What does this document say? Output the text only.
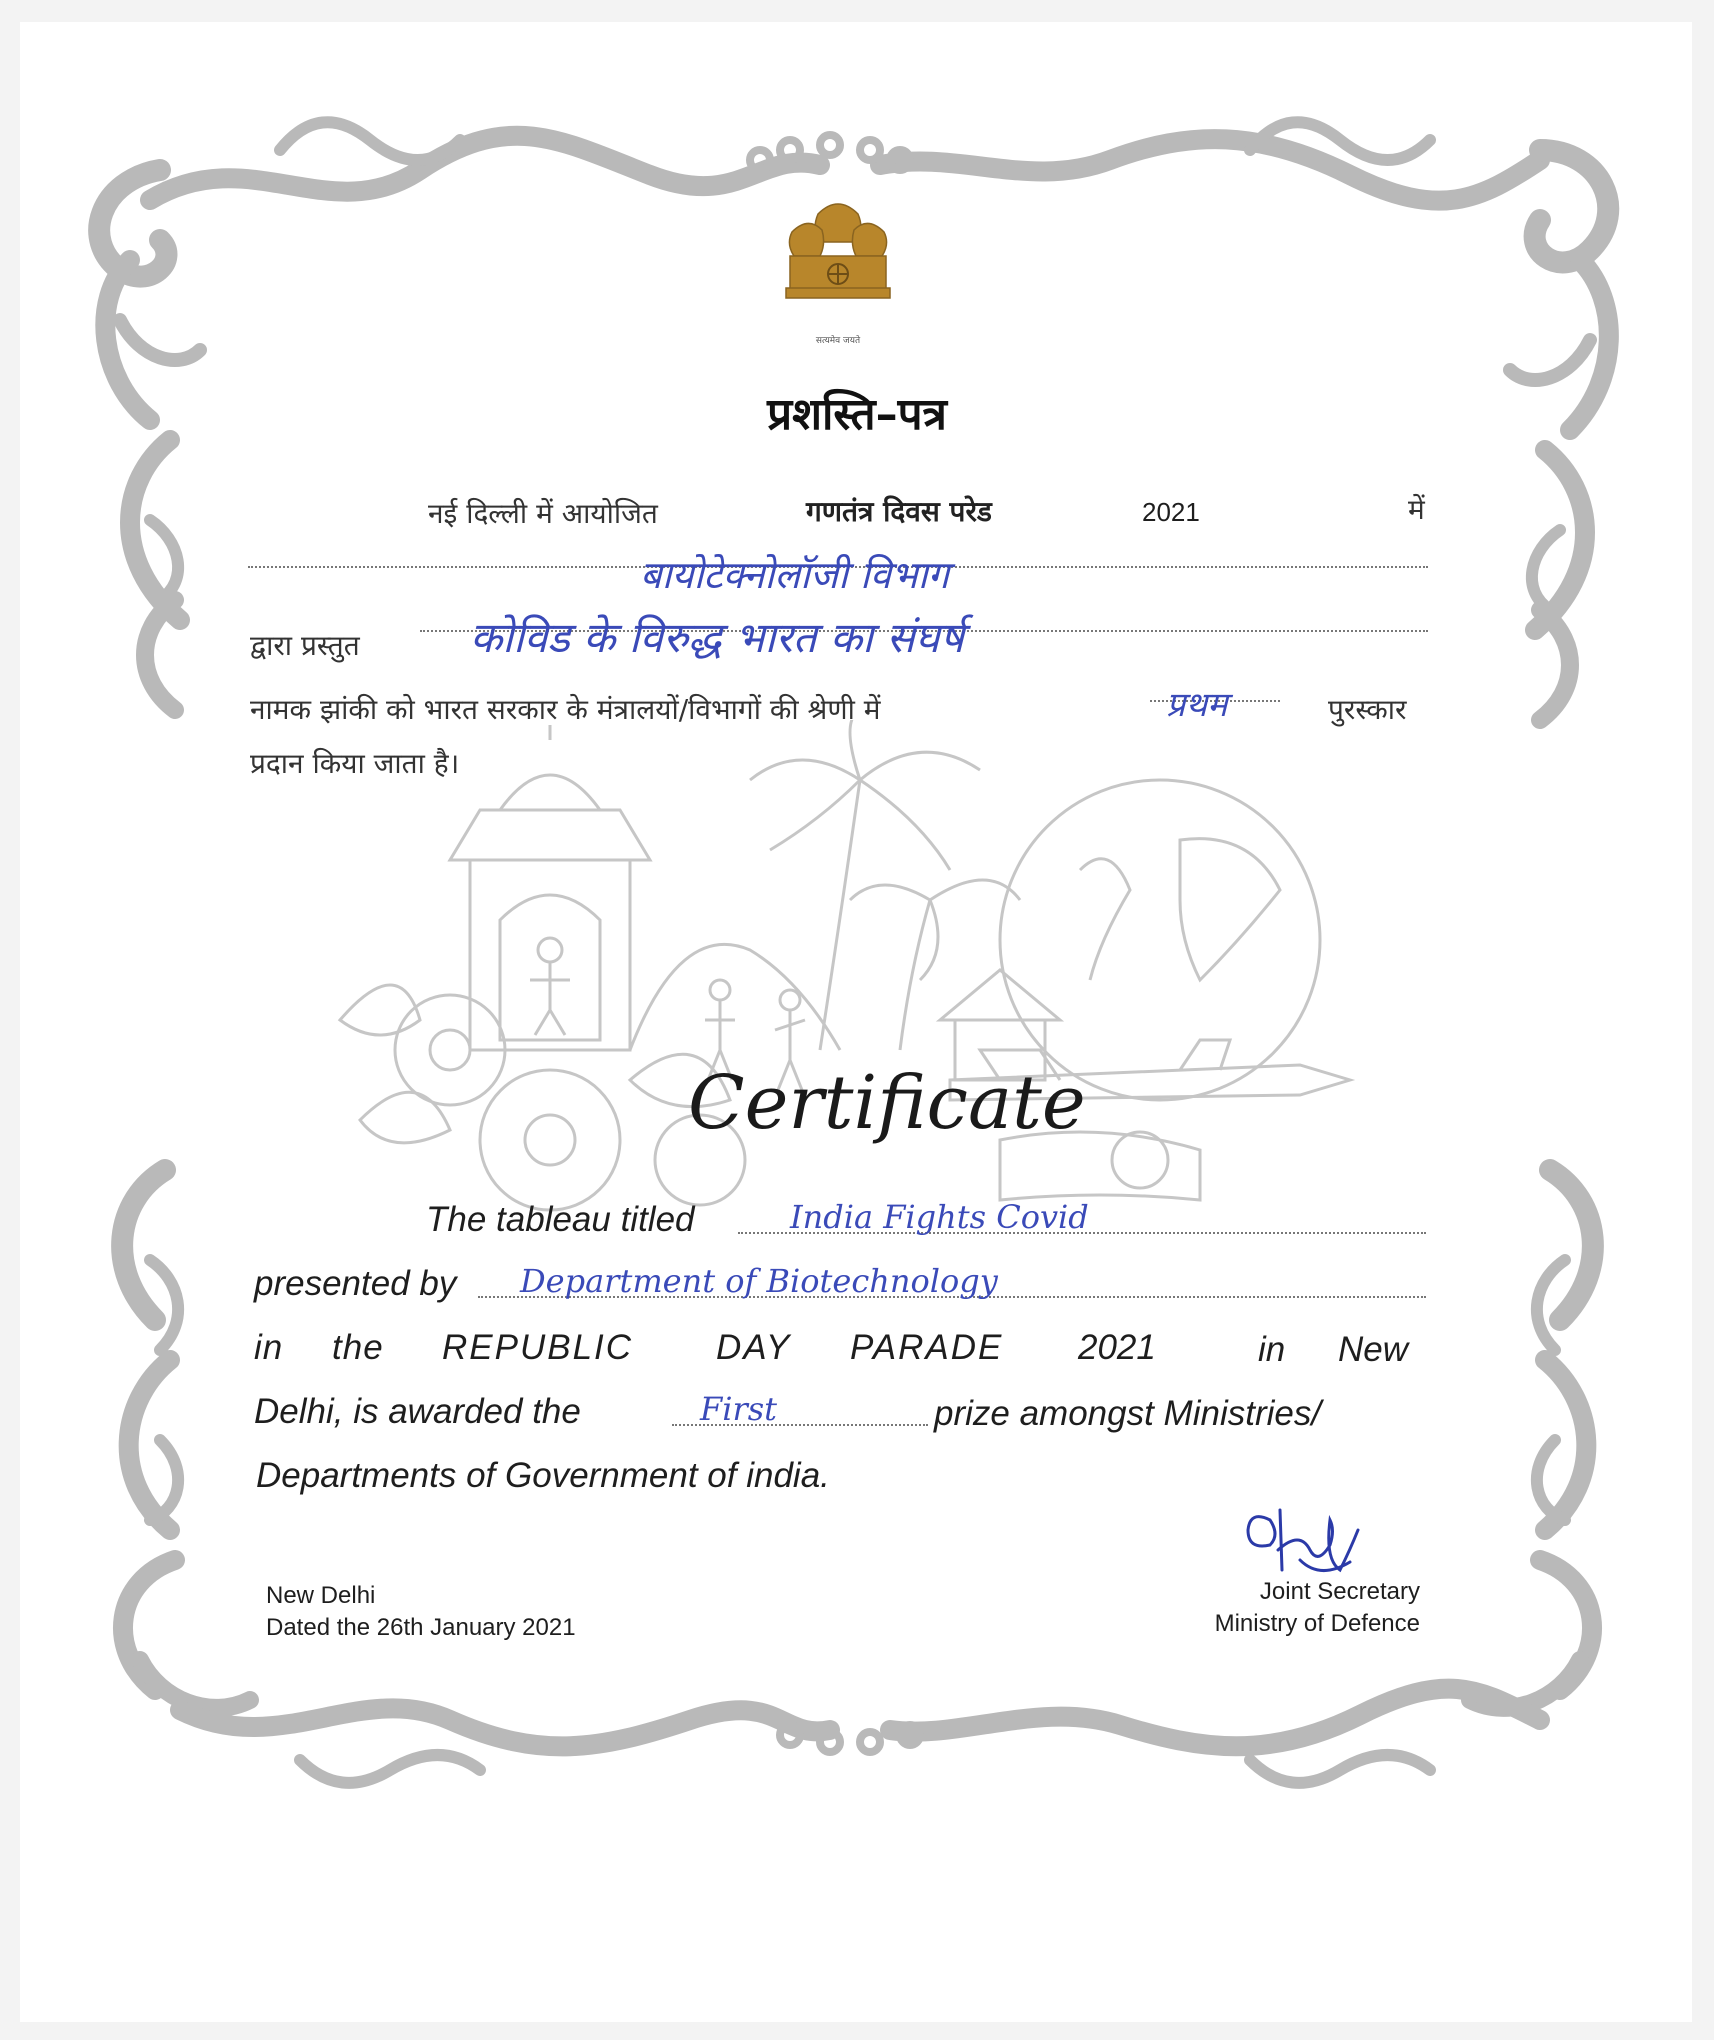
सत्यमेव जयते
प्रशस्ति–पत्र
नई दिल्ली में आयोजित	गणतंत्र दिवस परेड	2021	में
बायोटेक्नोलॉजी विभाग
द्वारा प्रस्तुत	कोविड के विरुद्ध भारत का संघर्ष
नामक झांकी को भारत सरकार के मंत्रालयों/विभागों की श्रेणी में	प्रथम	पुरस्कार
प्रदान किया जाता है।
Certificate
The tableau titled	India Fights Covid
presented by Department of Biotechnology
in the REPUBLIC DAY PARADE 2021	in New
Delhi, is awarded the	First	prize amongst Ministries/
Departments of Government of india.
New Delhi
Dated the 26th January 2021
Joint Secretary
Ministry of Defence
